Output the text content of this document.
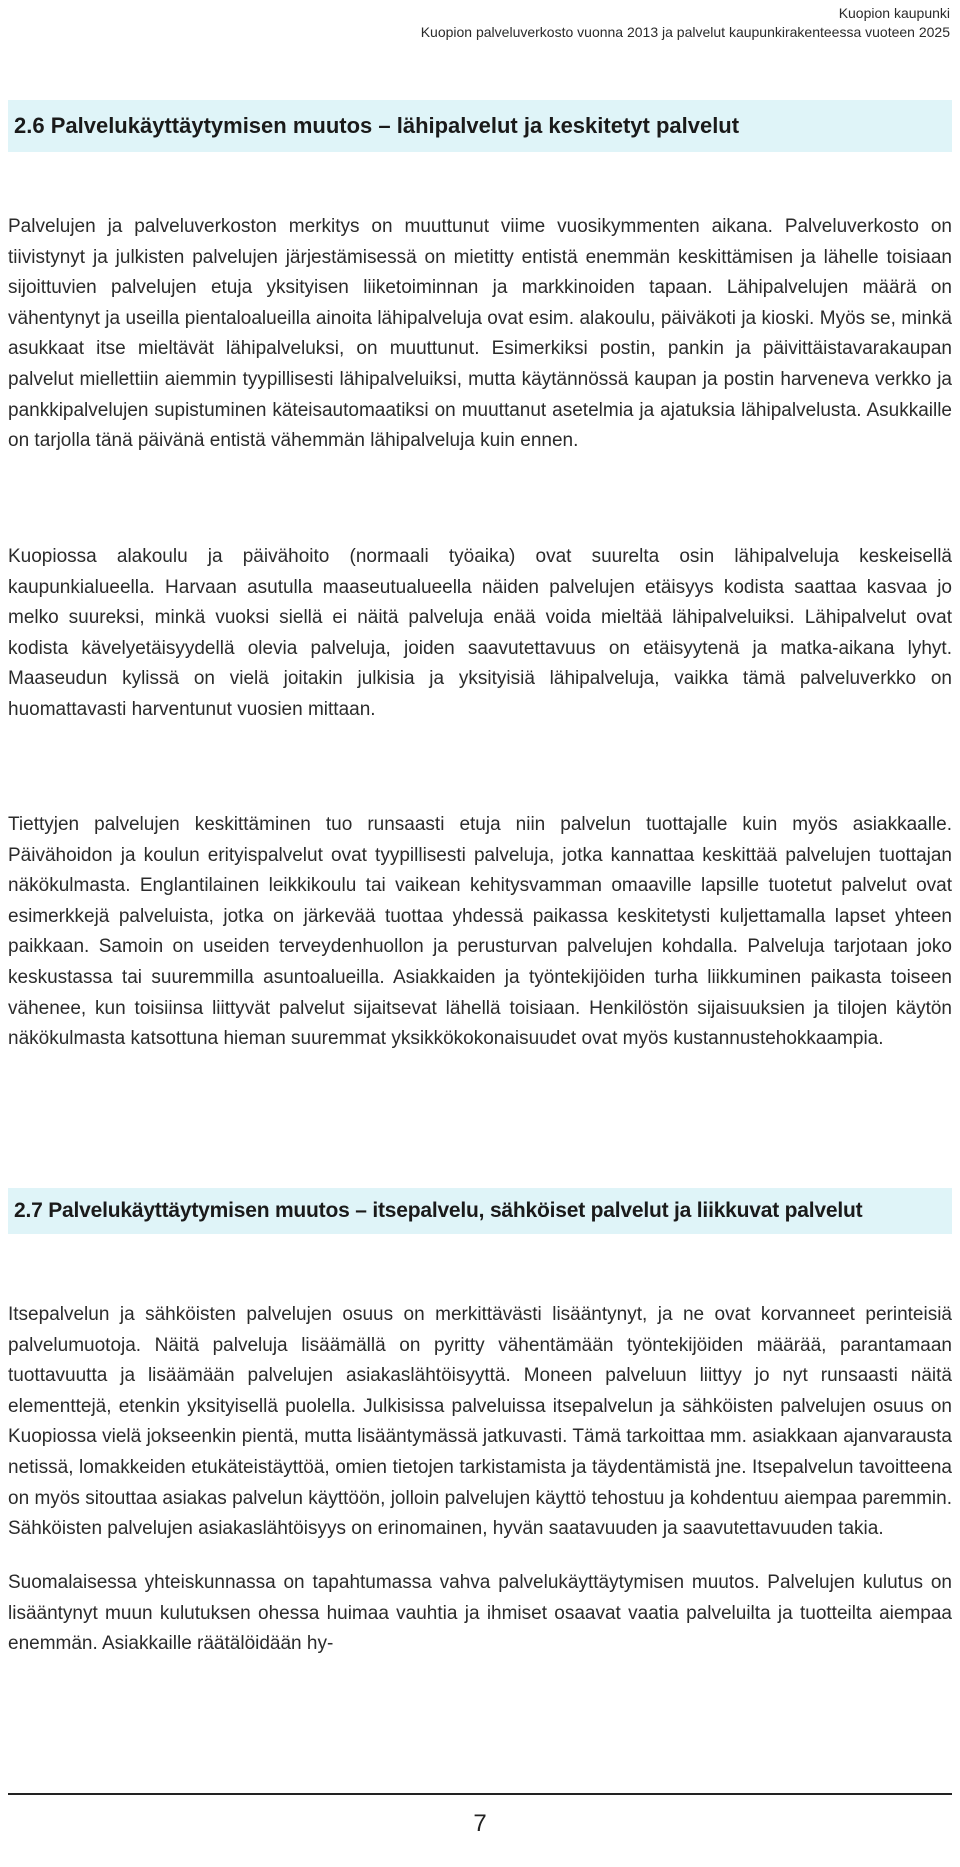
Kuopion kaupunki
Kuopion palveluverkosto vuonna 2013 ja palvelut kaupunkirakenteessa vuoteen 2025
2.6 Palvelukäyttäytymisen muutos – lähipalvelut ja keskitetyt palvelut

Palvelujen ja palveluverkoston merkitys on muuttunut viime vuosikymmenten aikana. Palveluverkosto on tiivistynyt ja julkisten palvelujen järjestämisessä on mietitty entistä enemmän keskittämisen ja lähelle toisiaan sijoittuvien palvelujen etuja yksityisen liiketoiminnan ja markkinoiden tapaan. Lähipalvelujen määrä on vähentynyt ja useilla pientaloalueilla ainoita lähipalveluja ovat esim. alakoulu, päiväkoti ja kioski. Myös se, minkä asukkaat itse mieltävät lähipalveluksi, on muuttunut. Esimerkiksi postin, pankin ja päivittäistavarakaupan palvelut miellettiin aiemmin tyypillisesti lähipalveluiksi, mutta käytännössä kaupan ja postin harveneva verkko ja pankkipalvelujen supistuminen käteisautomaatiksi on muuttanut asetelmia ja ajatuksia lähipalvelusta. Asukkaille on tarjolla tänä päivänä entistä vähemmän lähipalveluja kuin ennen.

Kuopiossa alakoulu ja päivähoito (normaali työaika) ovat suurelta osin lähipalveluja keskeisellä kaupunkialueella. Harvaan asutulla maaseutualueella näiden palvelujen etäisyys kodista saattaa kasvaa jo melko suureksi, minkä vuoksi siellä ei näitä palveluja enää voida mieltää lähipalveluiksi. Lähipalvelut ovat kodista kävelyetäisyydellä olevia palveluja, joiden saavutettavuus on etäisyytenä ja matka-aikana lyhyt. Maaseudun kylissä on vielä joitakin julkisia ja yksityisiä lähipalveluja, vaikka tämä palveluverkko on huomattavasti harventunut vuosien mittaan.

Tiettyjen palvelujen keskittäminen tuo runsaasti etuja niin palvelun tuottajalle kuin myös asiakkaalle. Päivähoidon ja koulun erityispalvelut ovat tyypillisesti palveluja, jotka kannattaa keskittää palvelujen tuottajan näkökulmasta. Englantilainen leikkikoulu tai vaikean kehitysvamman omaaville lapsille tuotetut palvelut ovat esimerkkejä palveluista, jotka on järkevää tuottaa yhdessä paikassa keskitetysti kuljettamalla lapset yhteen paikkaan. Samoin on useiden terveydenhuollon ja perusturvan palvelujen kohdalla. Palveluja tarjotaan joko keskustassa tai suuremmilla asuntoalueilla. Asiakkaiden ja työntekijöiden turha liikkuminen paikasta toiseen vähenee, kun toisiinsa liittyvät palvelut sijaitsevat lähellä toisiaan. Henkilöstön sijaisuuksien ja tilojen käytön näkökulmasta katsottuna hieman suuremmat yksikkökokonaisuudet ovat myös kustannustehokkaampia.

2.7 Palvelukäyttäytymisen muutos – itsepalvelu, sähköiset palvelut ja liikkuvat palvelut

Itsepalvelun ja sähköisten palvelujen osuus on merkittävästi lisääntynyt, ja ne ovat korvanneet perinteisiä palvelumuotoja. Näitä palveluja lisäämällä on pyritty vähentämään työntekijöiden määrää, parantamaan tuottavuutta ja lisäämään palvelujen asiakaslähtöisyyttä. Moneen palveluun liittyy jo nyt runsaasti näitä elementtejä, etenkin yksityisellä puolella. Julkisissa palveluissa itsepalvelun ja sähköisten palvelujen osuus on Kuopiossa vielä jokseenkin pientä, mutta lisääntymässä jatkuvasti. Tämä tarkoittaa mm. asiakkaan ajanvarausta netissä, lomakkeiden etukäteistäyttöä, omien tietojen tarkistamista ja täydentämistä jne. Itsepalvelun tavoitteena on myös sitouttaa asiakas palvelun käyttöön, jolloin palvelujen käyttö tehostuu ja kohdentuu aiempaa paremmin. Sähköisten palvelujen asiakaslähtöisyys on erinomainen, hyvän saatavuuden ja saavutettavuuden takia.

Suomalaisessa yhteiskunnassa on tapahtumassa vahva palvelukäyttäytymisen muutos. Palvelujen kulutus on lisääntynyt muun kulutuksen ohessa huimaa vauhtia ja ihmiset osaavat vaatia palveluilta ja tuotteilta aiempaa enemmän. Asiakkaille räätälöidään hy-

7
